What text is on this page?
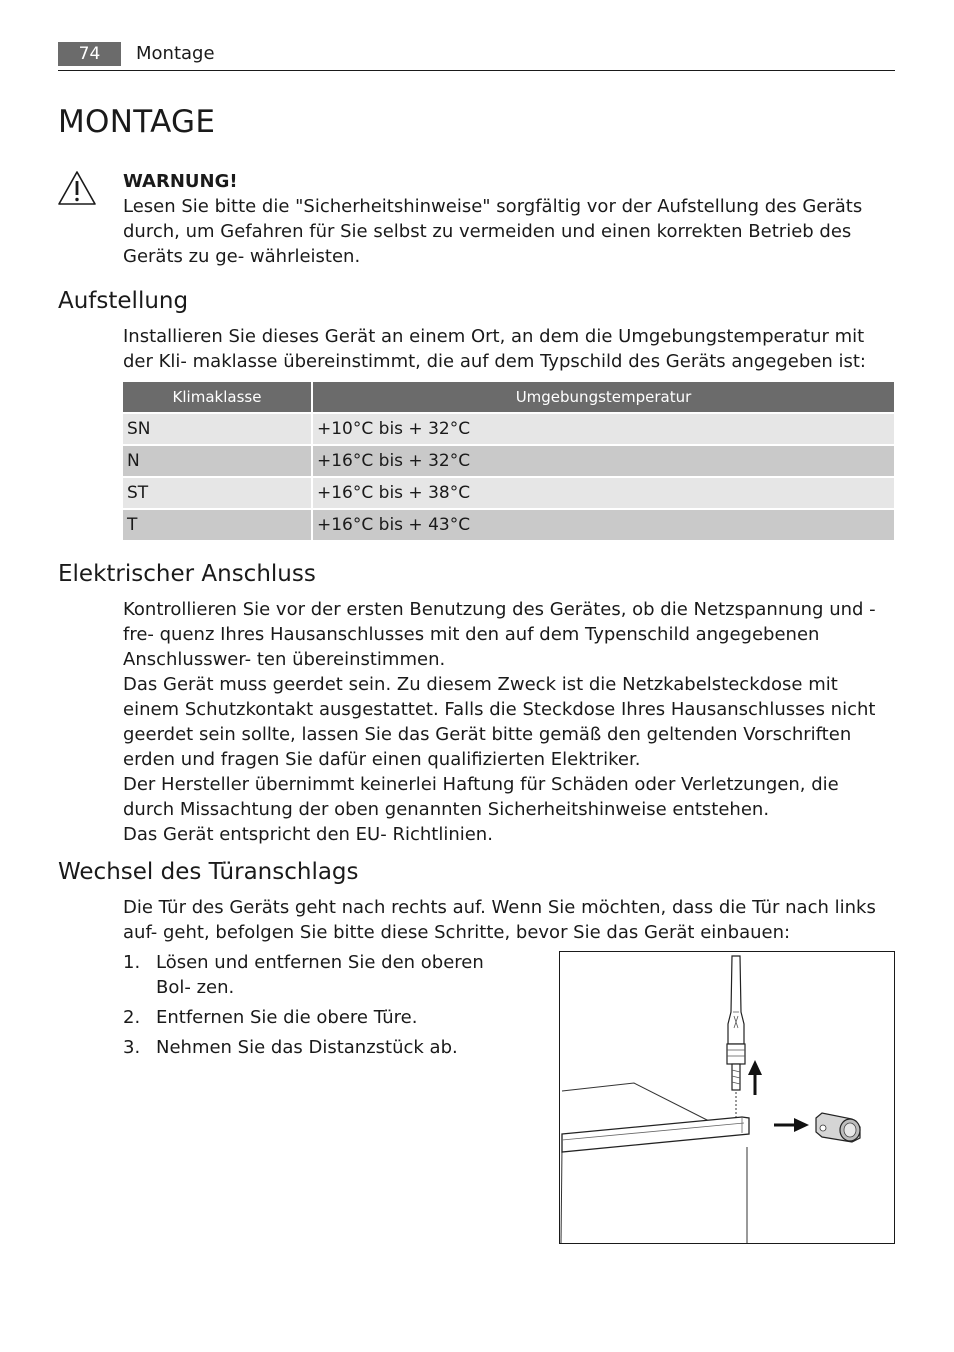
74	Montage
MONTAGE
WARNUNG!
Lesen Sie bitte die "Sicherheitshinweise" sorgfältig vor der Aufstellung des Geräts durch, um Gefahren für Sie selbst zu vermeiden und einen korrekten Betrieb des Geräts zu ge- währleisten.
Aufstellung
Installieren Sie dieses Gerät an einem Ort, an dem die Umgebungstemperatur mit der Kli- maklasse übereinstimmt, die auf dem Typschild des Geräts angegeben ist:
Klimaklasse	Umgebungstemperatur
SN	+10°C bis + 32°C
N	+16°C bis + 32°C
ST	+16°C bis + 38°C
T	+16°C bis + 43°C
Elektrischer Anschluss

Kontrollieren Sie vor der ersten Benutzung des Gerätes, ob die Netzspannung und -fre- quenz Ihres Hausanschlusses mit den auf dem Typenschild angegebenen Anschlusswer- ten übereinstimmen.

Das Gerät muss geerdet sein. Zu diesem Zweck ist die Netzkabelsteckdose mit einem Schutzkontakt ausgestattet. Falls die Steckdose Ihres Hausanschlusses nicht geerdet sein sollte, lassen Sie das Gerät bitte gemäß den geltenden Vorschriften erden und fragen Sie dafür einen qualifizierten Elektriker.

Der Hersteller übernimmt keinerlei Haftung für Schäden oder Verletzungen, die durch Missachtung der oben genannten Sicherheitshinweise entstehen.

Das Gerät entspricht den EU- Richtlinien.

Wechsel des Türanschlags
Die Tür des Geräts geht nach rechts auf. Wenn Sie möchten, dass die Tür nach links auf- geht, befolgen Sie bitte diese Schritte, bevor Sie das Gerät einbauen:
1. Lösen und entfernen Sie den oberen Bol- zen.
2. Entfernen Sie die obere Türe.
3. Nehmen Sie das Distanzstück ab.
